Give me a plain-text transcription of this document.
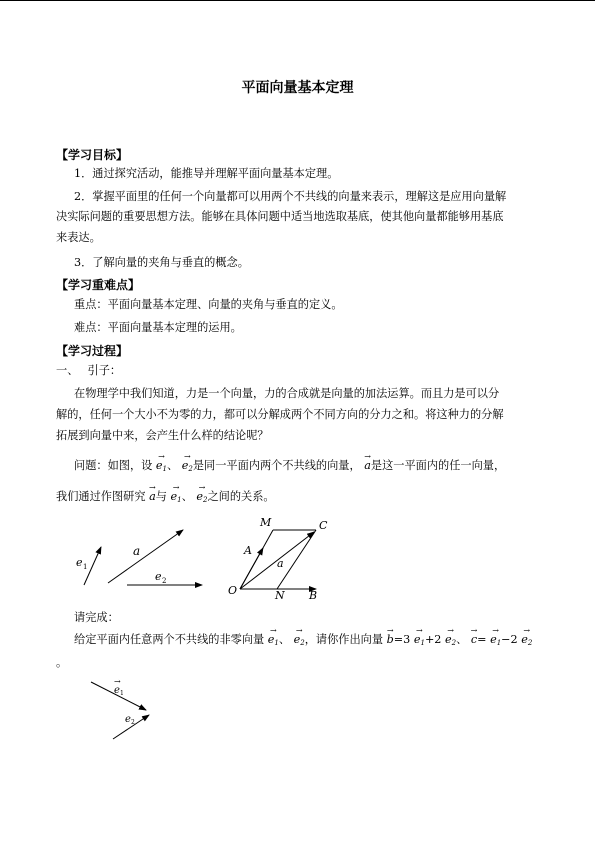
平面向量基本定理
【学习目标】
1．通过探究活动，能推导并理解平面向量基本定理。
2．掌握平面里的任何一个向量都可以用两个不共线的向量来表示，理解这是应用向量解
决实际问题的重要思想方法。能够在具体问题中适当地选取基底，使其他向量都能够用基底
来表达。
3．了解向量的夹角与垂直的概念。
【学习重难点】
重点：平面向量基本定理、向量的夹角与垂直的定义。
难点：平面向量基本定理的运用。
【学习过程】
一、　 引子：
在物理学中我们知道，力是一个向量，力的合成就是向量的加法运算。而且力是可以分
解的，任何一个大小不为零的力，都可以分解成两个不同方向的分力之和。将这种力的分解
拓展到向量中来，会产生什么样的结论呢？
问题：如图，设 → $e_1$、 → $e_2$是同一平面内两个不共线的向量， → a是这一平面内的任一向量，
我们通过作图研究 → a与 → $e_1$、 → $e_2$之间的关系。
e 1
a
e 2
M	C
A
a
O	N B
→
e 1
e 2
请完成：
给定平面内任意两个不共线的非零向量 → $e_1$、 → $e_2$，请你作出向量 → $b=3 \to e_1+2 \to e_2$、 → $c= \to e_1-2 \to e_2$
。
